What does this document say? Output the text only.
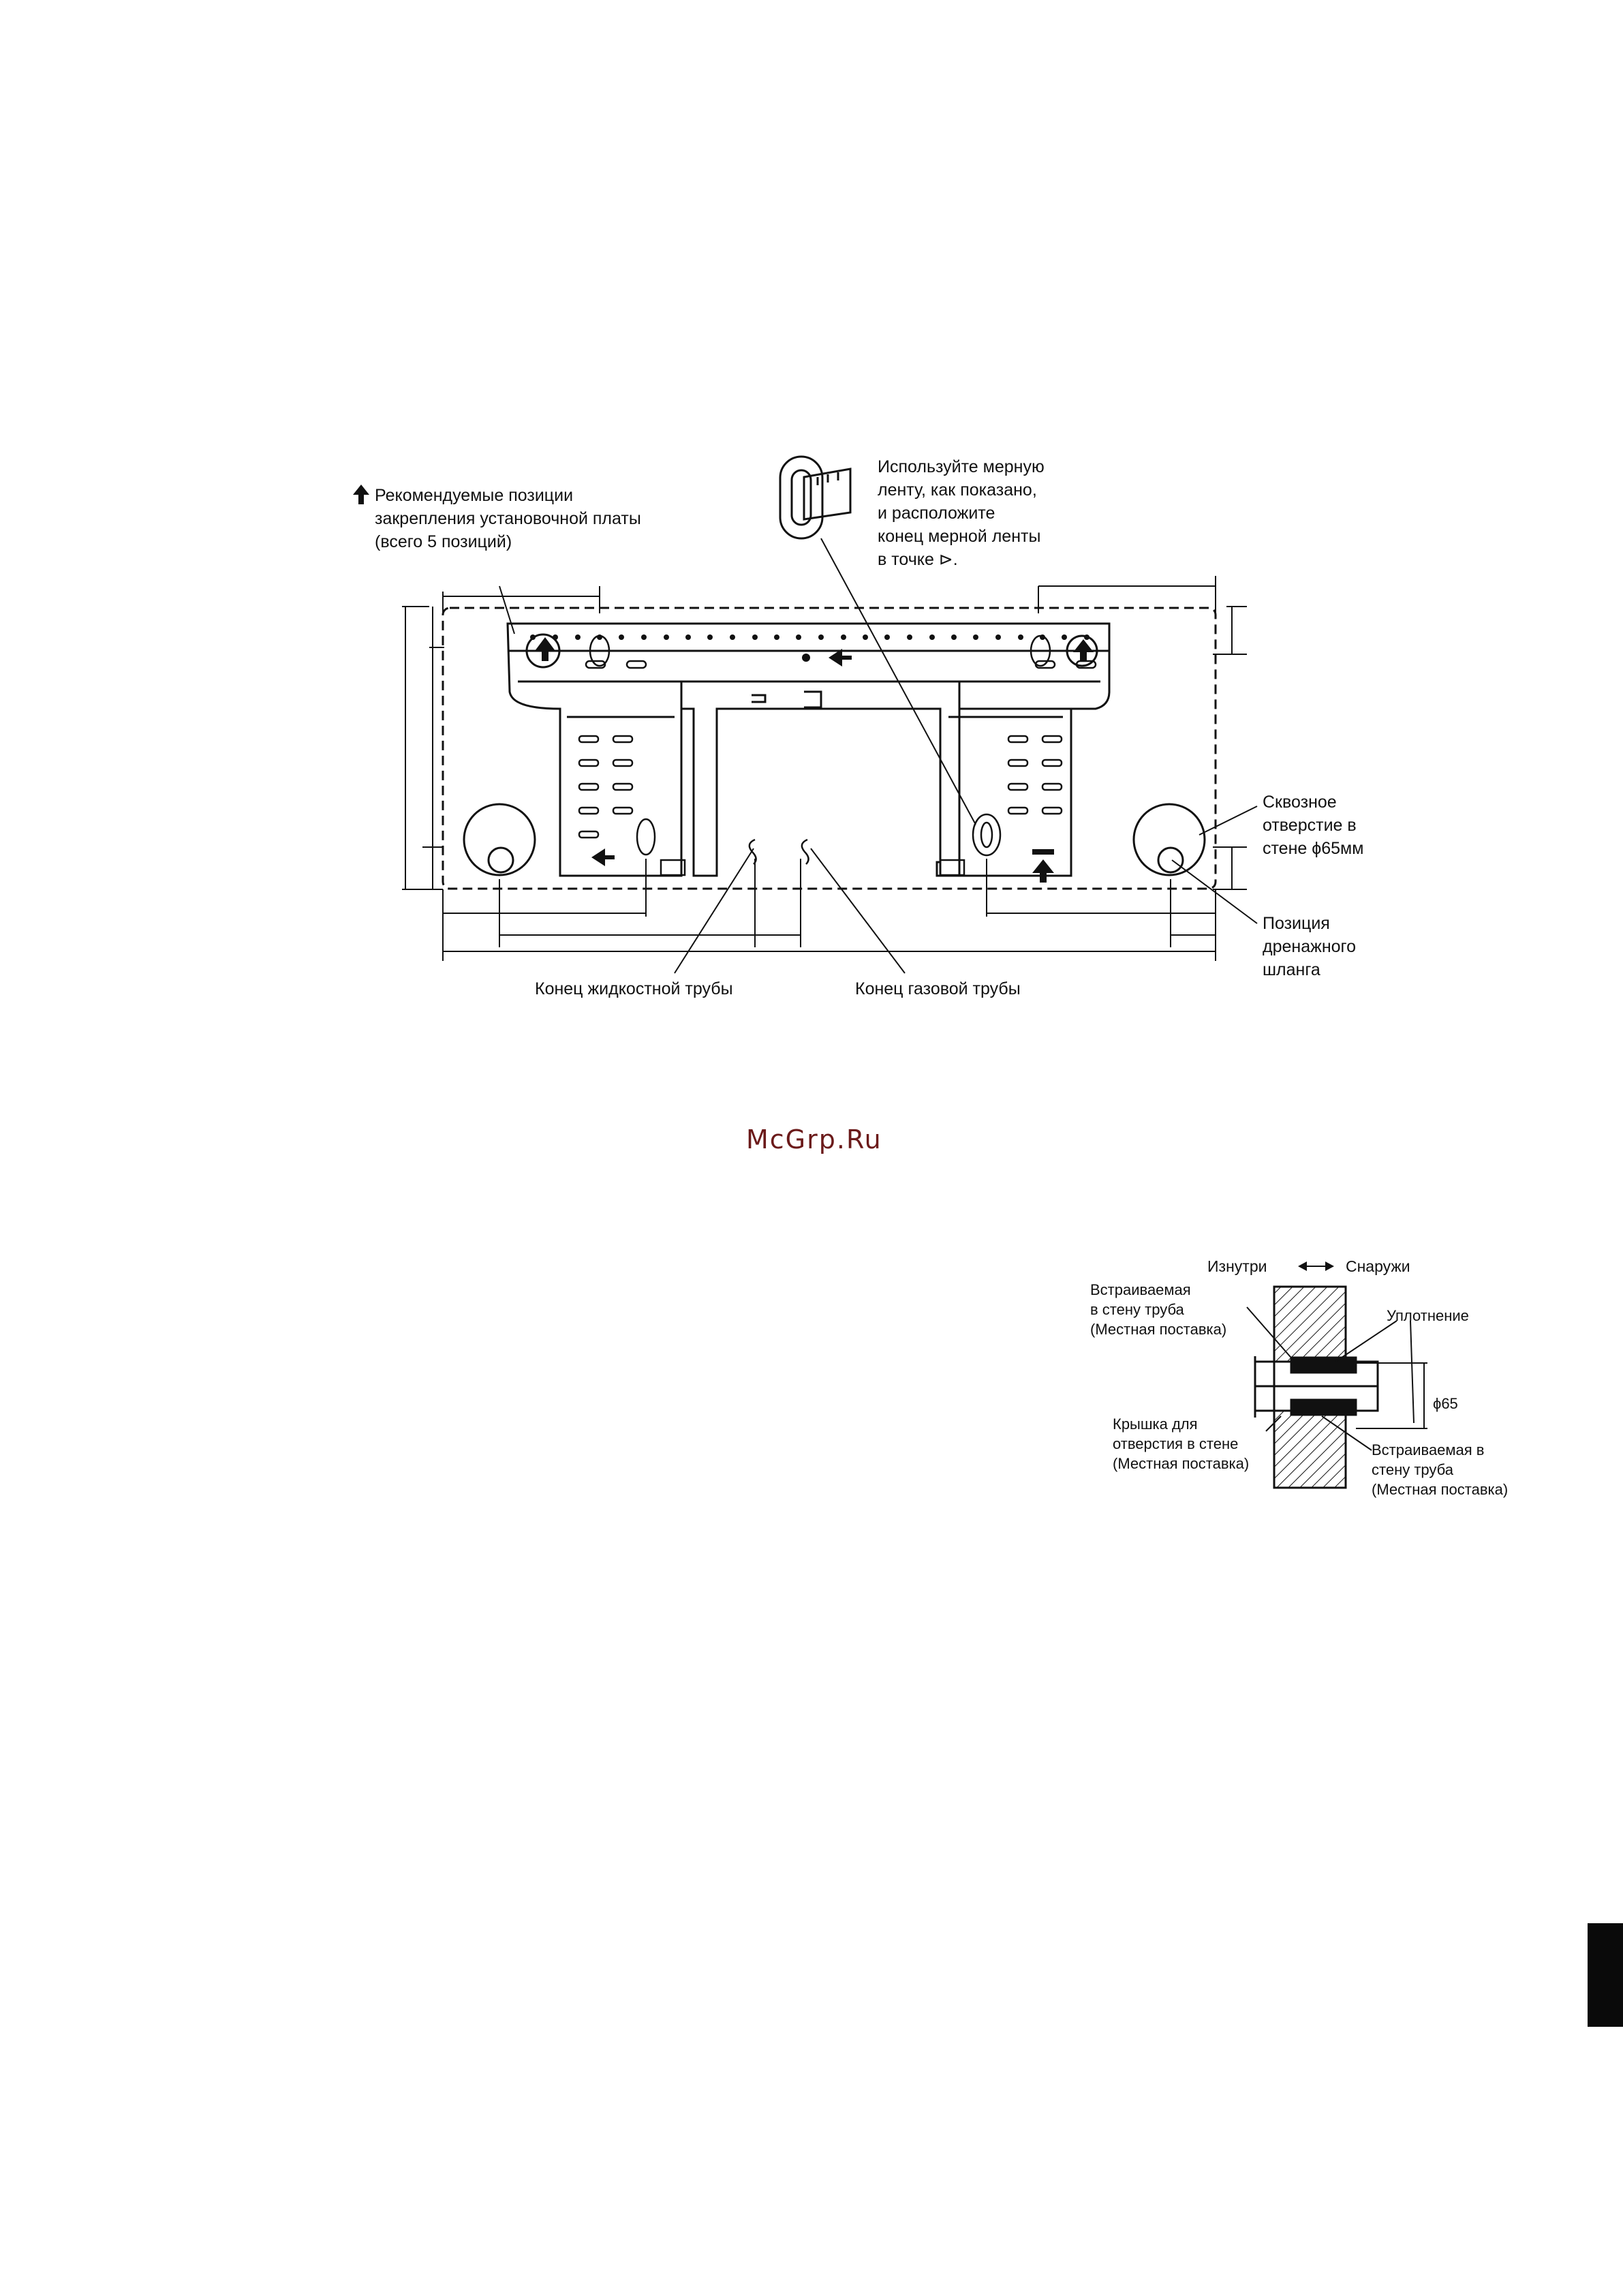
Рекомендуемые позиции
закрепления установочной платы
(всего 5 позиций)
Используйте мерную
ленту, как показано,
и расположите
конец мерной ленты
в точке ⊳.
Сквозное
отверстие в
стене ϕ65мм
Позиция
дренажного
шланга
Конец жидкостной трубы	Конец газовой трубы
Изнутри	Снаружи
Встраиваемая
в стену труба
(Местная поставка)
Уплотнение
ϕ65
Крышка для
отверстия в стене
(Местная поставка)
Встраиваемая в
стену труба
(Местная поставка)
McGrp.Ru
